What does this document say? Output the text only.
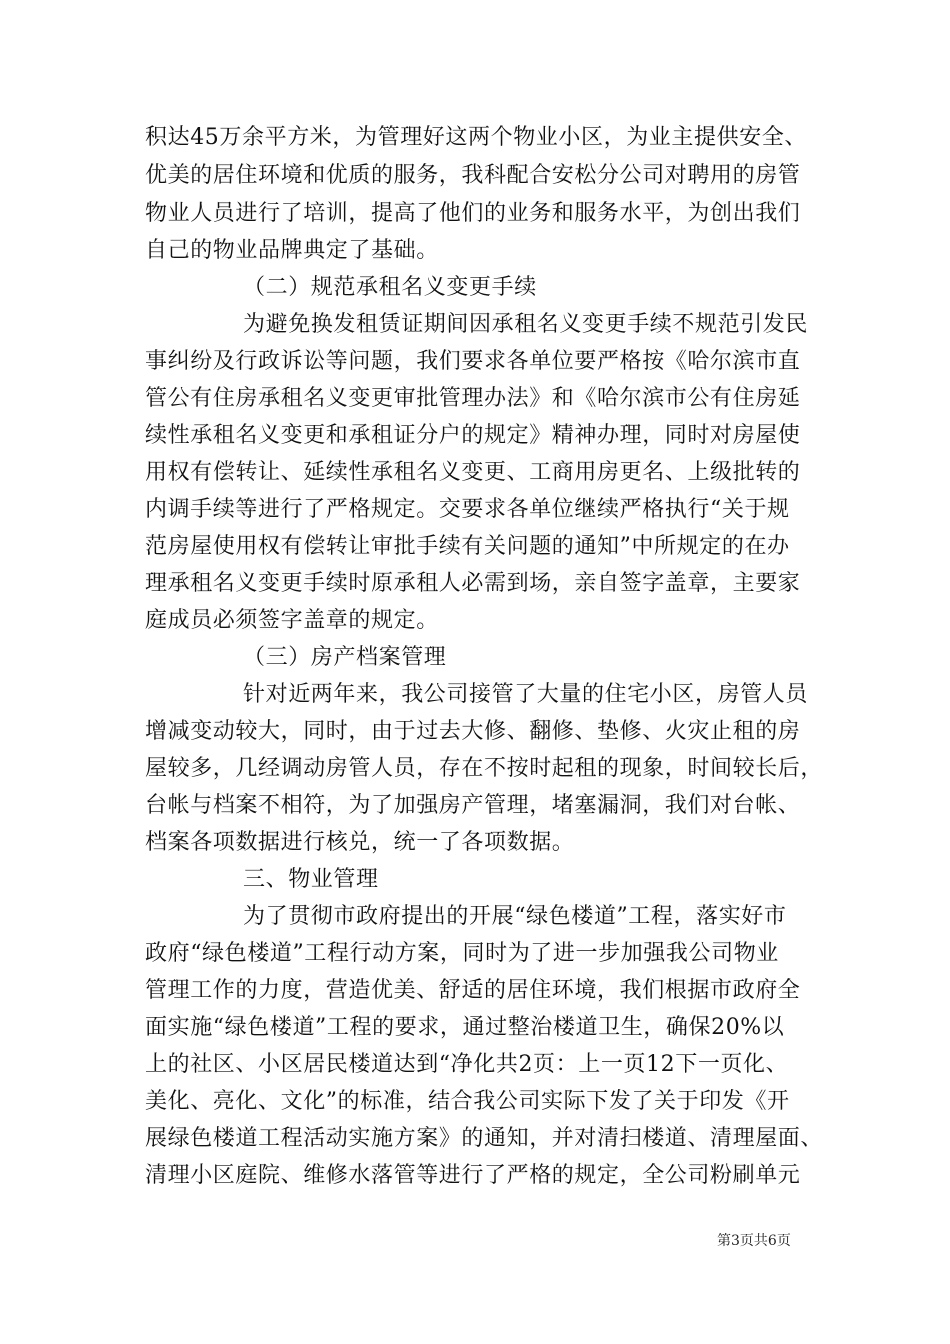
积达45万余平方米，为管理好这两个物业小区，为业主提供安全、
优美的居住环境和优质的服务，我科配合安松分公司对聘用的房管
物业人员进行了培训，提高了他们的业务和服务水平，为创出我们
自己的物业品牌典定了基础。
（二）规范承租名义变更手续
为避免换发租赁证期间因承租名义变更手续不规范引发民
事纠纷及行政诉讼等问题，我们要求各单位要严格按《哈尔滨市直
管公有住房承租名义变更审批管理办法》和《哈尔滨市公有住房延
续性承租名义变更和承租证分户的规定》精神办理，同时对房屋使
用权有偿转让、延续性承租名义变更、工商用房更名、上级批转的
内调手续等进行了严格规定。交要求各单位继续严格执行“关于规
范房屋使用权有偿转让审批手续有关问题的通知”中所规定的在办
理承租名义变更手续时原承租人必需到场，亲自签字盖章，主要家
庭成员必须签字盖章的规定。
（三）房产档案管理
针对近两年来，我公司接管了大量的住宅小区，房管人员
增减变动较大，同时，由于过去大修、翻修、垫修、火灾止租的房
屋较多，几经调动房管人员，存在不按时起租的现象，时间较长后，
台帐与档案不相符，为了加强房产管理，堵塞漏洞，我们对台帐、
档案各项数据进行核兑，统一了各项数据。
三、物业管理
为了贯彻市政府提出的开展“绿色楼道”工程，落实好市
政府“绿色楼道”工程行动方案，同时为了进一步加强我公司物业
管理工作的力度，营造优美、舒适的居住环境，我们根据市政府全
面实施“绿色楼道”工程的要求，通过整治楼道卫生，确保20%以
上的社区、小区居民楼道达到“净化共2页：上一页12下一页化、
美化、亮化、文化”的标准，结合我公司实际下发了关于印发《开
展绿色楼道工程活动实施方案》的通知，并对清扫楼道、清理屋面、
清理小区庭院、维修水落管等进行了严格的规定，全公司粉刷单元
第3页共6页
